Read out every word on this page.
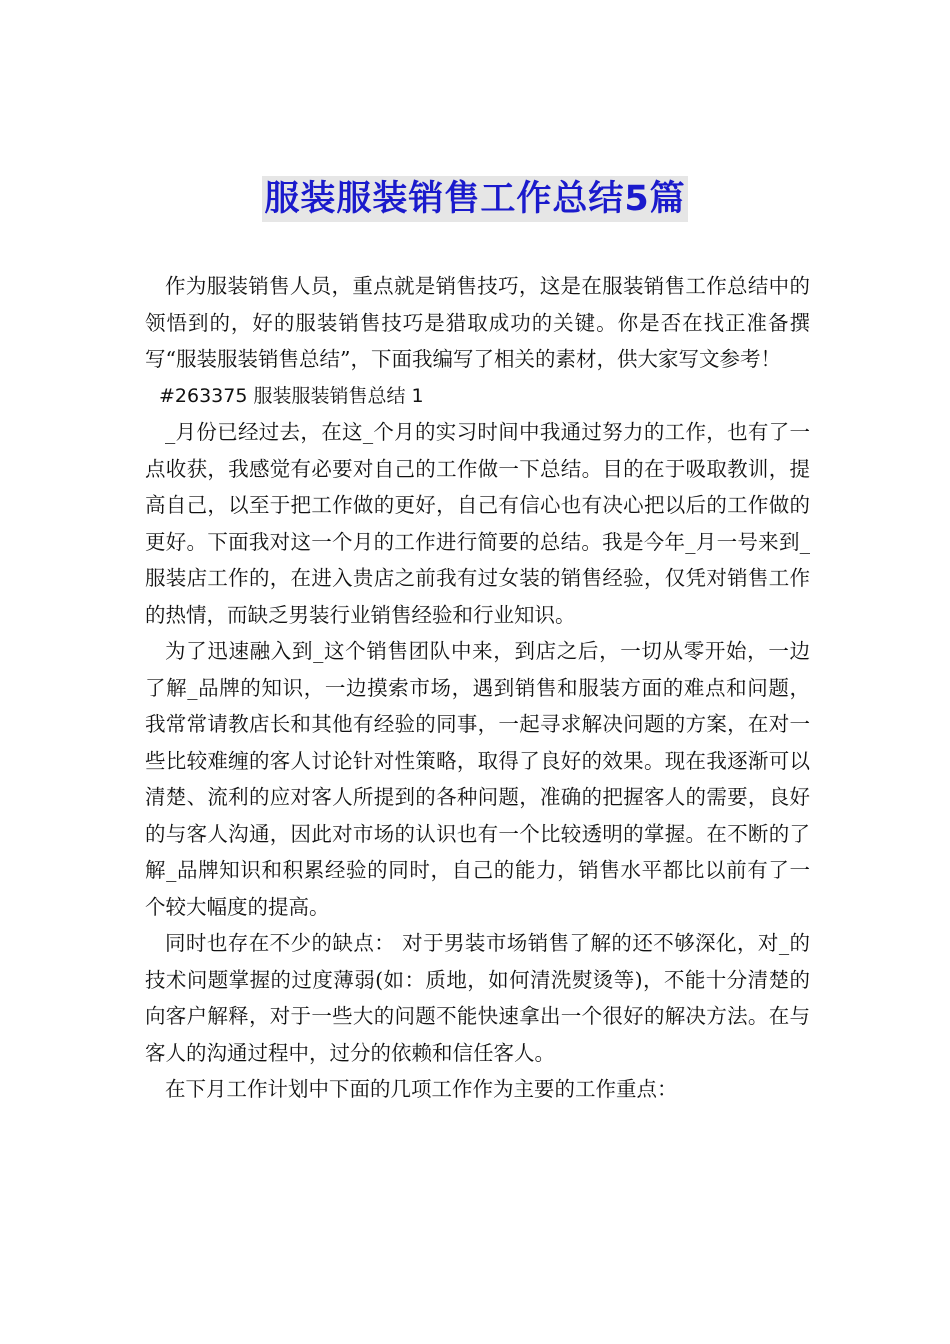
服装服装销售工作总结5篇

作为服装销售人员，重点就是销售技巧，这是在服装销售工作总结中的领悟到的，好的服装销售技巧是猎取成功的关键。你是否在找正准备撰写“服装服装销售总结”，下面我编写了相关的素材，供大家写文参考！

#263375 服装服装销售总结 1

_月份已经过去，在这_个月的实习时间中我通过努力的工作，也有了一点收获，我感觉有必要对自己的工作做一下总结。目的在于吸取教训，提高自己，以至于把工作做的更好，自己有信心也有决心把以后的工作做的更好。下面我对这一个月的工作进行简要的总结。我是今年_月一号来到_服装店工作的，在进入贵店之前我有过女装的销售经验，仅凭对销售工作的热情，而缺乏男装行业销售经验和行业知识。

为了迅速融入到_这个销售团队中来，到店之后，一切从零开始，一边了解_品牌的知识，一边摸索市场，遇到销售和服装方面的难点和问题，我常常请教店长和其他有经验的同事，一起寻求解决问题的方案，在对一些比较难缠的客人讨论针对性策略，取得了良好的效果。现在我逐渐可以清楚、流利的应对客人所提到的各种问题，准确的把握客人的需要，良好的与客人沟通，因此对市场的认识也有一个比较透明的掌握。在不断的了解_品牌知识和积累经验的同时，自己的能力，销售水平都比以前有了一个较大幅度的提高。

同时也存在不少的缺点： 对于男装市场销售了解的还不够深化，对_的技术问题掌握的过度薄弱(如：质地，如何清洗熨烫等)，不能十分清楚的向客户解释，对于一些大的问题不能快速拿出一个很好的解决方法。在与客人的沟通过程中，过分的依赖和信任客人。

在下月工作计划中下面的几项工作作为主要的工作重点：
